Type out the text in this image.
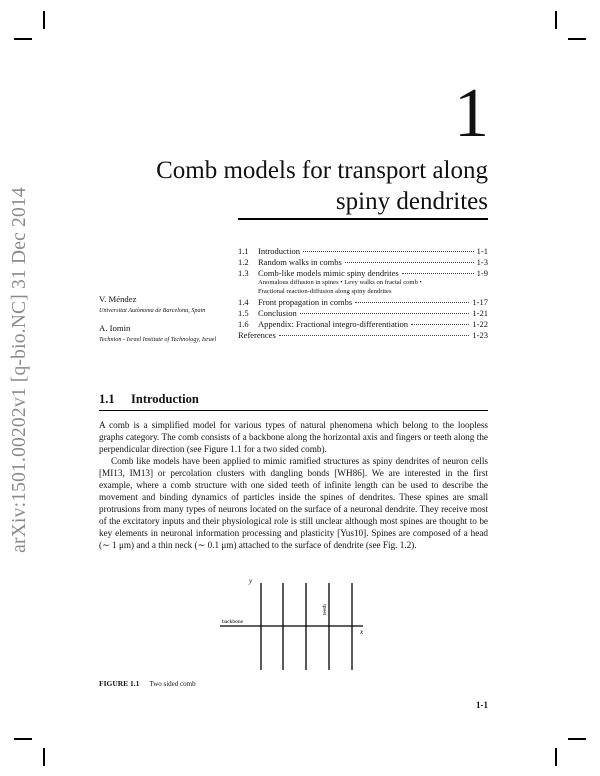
arXiv:1501.00202v1 [q-bio.NC] 31 Dec 2014
1
Comb models for transport along
spiny dendrites
1.1	Introduction	1-1
1.2	Random walks in combs	1-3
1.3	Comb-like models mimic spiny dendrites	1-9
Anomalous diffusion in spines • Levy walks on fractal comb • Fractional reaction-diffusion along spiny dendrites
1.4	Front propagation in combs	1-17
1.5	Conclusion	1-21
1.6	Appendix: Fractional integro-differentiation	1-22
References	1-23
V. Méndez
Universitat Autònoma de Barcelona, Spain
A. Iomin
Technion - Israel Institute of Technology, Israel
1.1 Introduction

A comb is a simplified model for various types of natural phenomena which belong to the loopless graphs category. The comb consists of a backbone along the horizontal axis and fingers or teeth along the perpendicular direction (see Figure 1.1 for a two sided comb).

Comb like models have been applied to mimic ramified structures as spiny dendrites of neuron cells [MI13, IM13] or percolation clusters with dangling bonds [WH86]. We are interested in the first example, where a comb structure with one sided teeth of infinite length can be used to describe the movement and binding dynamics of particles inside the spines of dendrites. These spines are small protrusions from many types of neurons located on the surface of a neuronal dendrite. They receive most of the excitatory inputs and their physiological role is still unclear although most spines are thought to be key elements in neuronal information processing and plasticity [Yus10]. Spines are composed of a head (∼ 1 μm) and a thin neck (∼ 0.1 μm) attached to the surface of dendrite (see Fig. 1.2).

y
x
backbone
teeth
FIGURE 1.1 Two sided comb
1-1
